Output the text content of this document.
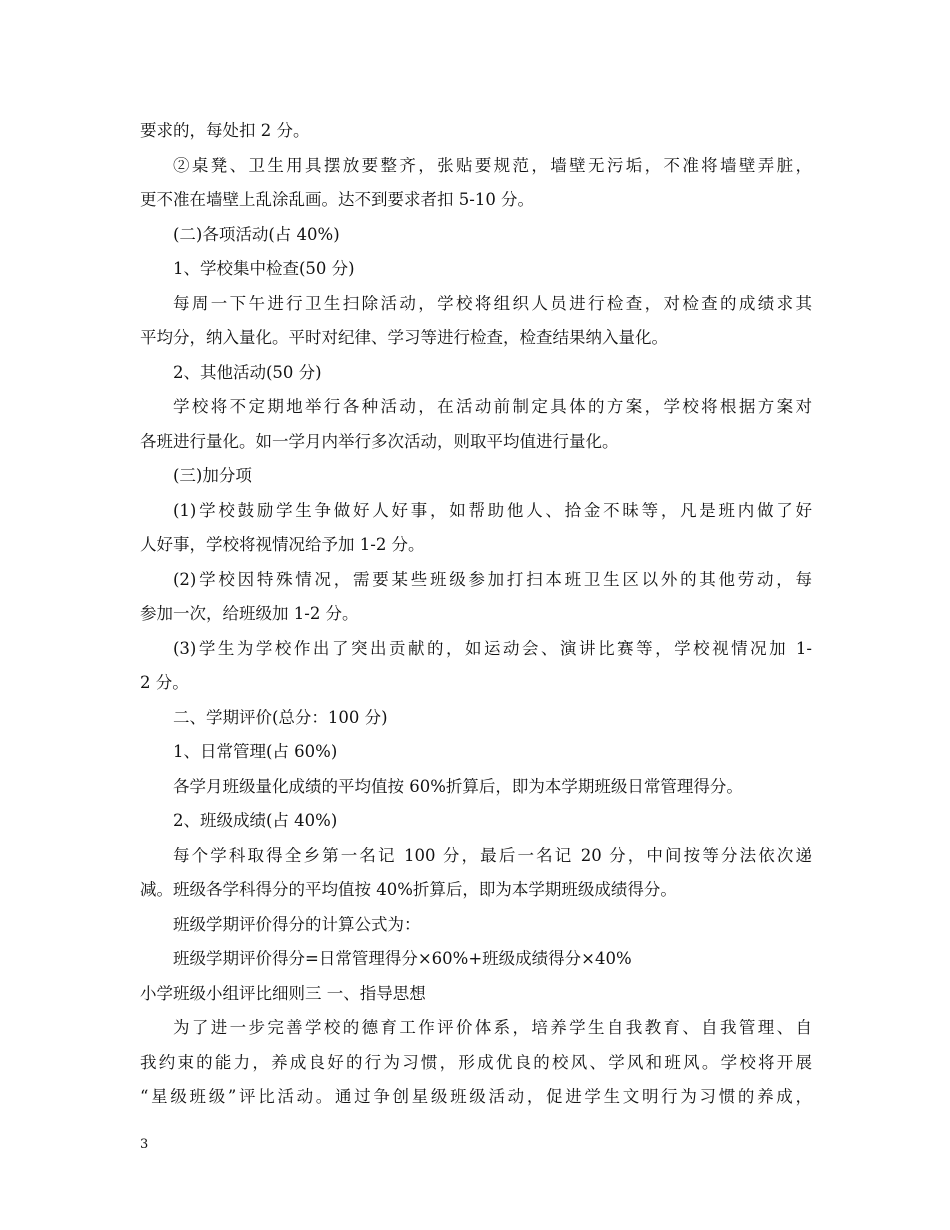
要求的，每处扣 2 分。
②桌凳、卫生用具摆放要整齐，张贴要规范，墙壁无污垢，不准将墙壁弄脏，
更不准在墙壁上乱涂乱画。达不到要求者扣 5-10 分。
(二)各项活动(占 40%)
1、学校集中检查(50 分)
每周一下午进行卫生扫除活动，学校将组织人员进行检查，对检查的成绩求其
平均分，纳入量化。平时对纪律、学习等进行检查，检查结果纳入量化。
2、其他活动(50 分)
学校将不定期地举行各种活动，在活动前制定具体的方案，学校将根据方案对
各班进行量化。如一学月内举行多次活动，则取平均值进行量化。
(三)加分项
(1)学校鼓励学生争做好人好事，如帮助他人、拾金不昧等，凡是班内做了好
人好事，学校将视情况给予加 1-2 分。
(2)学校因特殊情况，需要某些班级参加打扫本班卫生区以外的其他劳动，每
参加一次，给班级加 1-2 分。
(3)学生为学校作出了突出贡献的，如运动会、演讲比赛等，学校视情况加 1-
2 分。
二、学期评价(总分：100 分)
1、日常管理(占 60%)
各学月班级量化成绩的平均值按 60%折算后，即为本学期班级日常管理得分。
2、班级成绩(占 40%)
每个学科取得全乡第一名记 100 分，最后一名记 20 分，中间按等分法依次递
减。班级各学科得分的平均值按 40%折算后，即为本学期班级成绩得分。
班级学期评价得分的计算公式为：
班级学期评价得分=日常管理得分×60%+班级成绩得分×40%
小学班级小组评比细则三 一、指导思想
为了进一步完善学校的德育工作评价体系，培养学生自我教育、自我管理、自
我约束的能力，养成良好的行为习惯，形成优良的校风、学风和班风。学校将开展
“星级班级”评比活动。通过争创星级班级活动，促进学生文明行为习惯的养成，
3
